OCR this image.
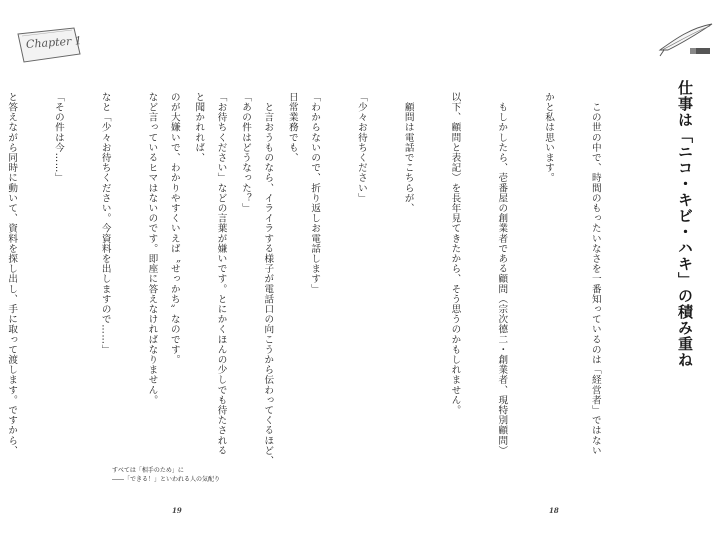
Chapter 1

日常業務でも、

「あの件はどうなった？」

と聞かれれば、

など言っているヒマはないのです。即座に答えなければなりません。

なと「少々お待ちください。今資料を出しますので……」

「その件は今……」

と答えながら同時に動いて、資料を探し出し、手に取って渡します。ですから、

すべては「相手のため」に
――「できる！」といわれる人の気配り
19
仕事は「ニコ・キビ・ハキ」の積み重ね

　この世の中で、時間のもったいなさを一番知っているのは「経営者」ではない

かと私は思います。

　もしかしたら、壱番屋の創業者である顧問（宗次德二・創業者、現特別顧問）

以下、顧問と表記）を長年見てきたから、そう思うのかもしれません。

　顧問は電話でこちらが、

「少々お待ちください」

「わからないので、折り返しお電話します」

　と言おうものなら、イライラする様子が電話口の向こうから伝わってくるほど、

「お待ちください」などの言葉が嫌いです。とにかくほんの少しでも待たされる

のが大嫌いで、わかりやすくいえば〝せっかち〟なのです。

18
